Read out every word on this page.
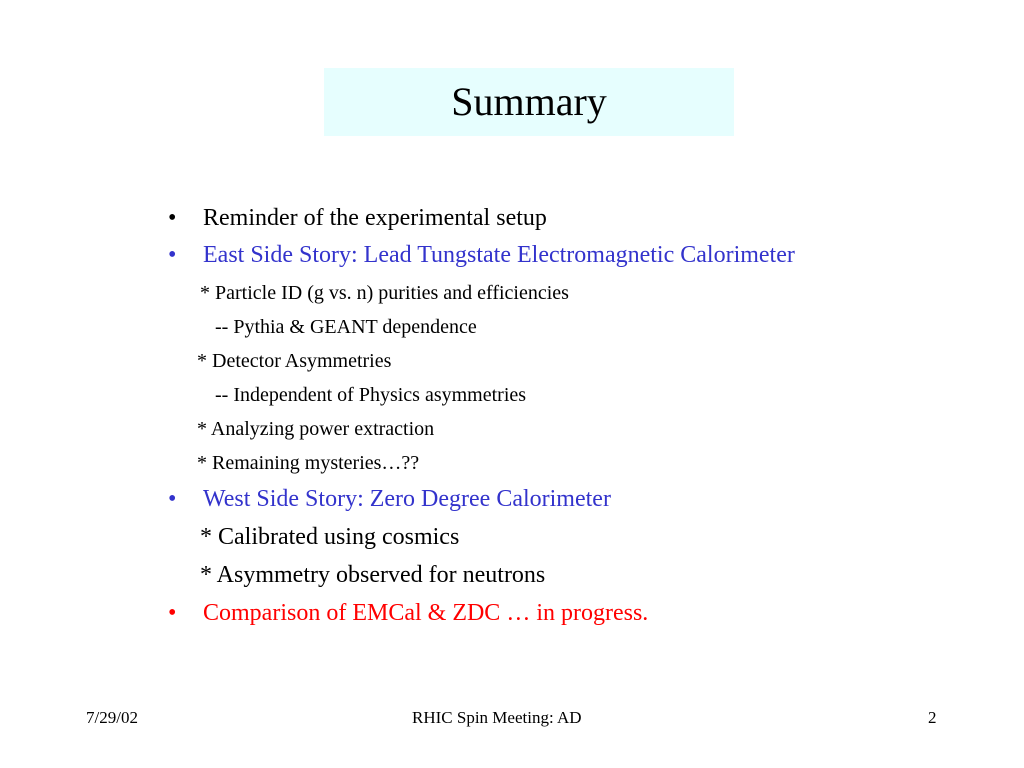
Summary
• Reminder of the experimental setup
• East Side Story: Lead Tungstate Electromagnetic Calorimeter
* Particle ID (g vs. n) purities and efficiencies
-- Pythia & GEANT dependence
* Detector Asymmetries
-- Independent of Physics asymmetries
* Analyzing power extraction
* Remaining mysteries…??
• West Side Story: Zero Degree Calorimeter
* Calibrated using cosmics
* Asymmetry observed for neutrons
• Comparison of EMCal & ZDC … in progress.
7/29/02	RHIC Spin Meeting: AD	2
